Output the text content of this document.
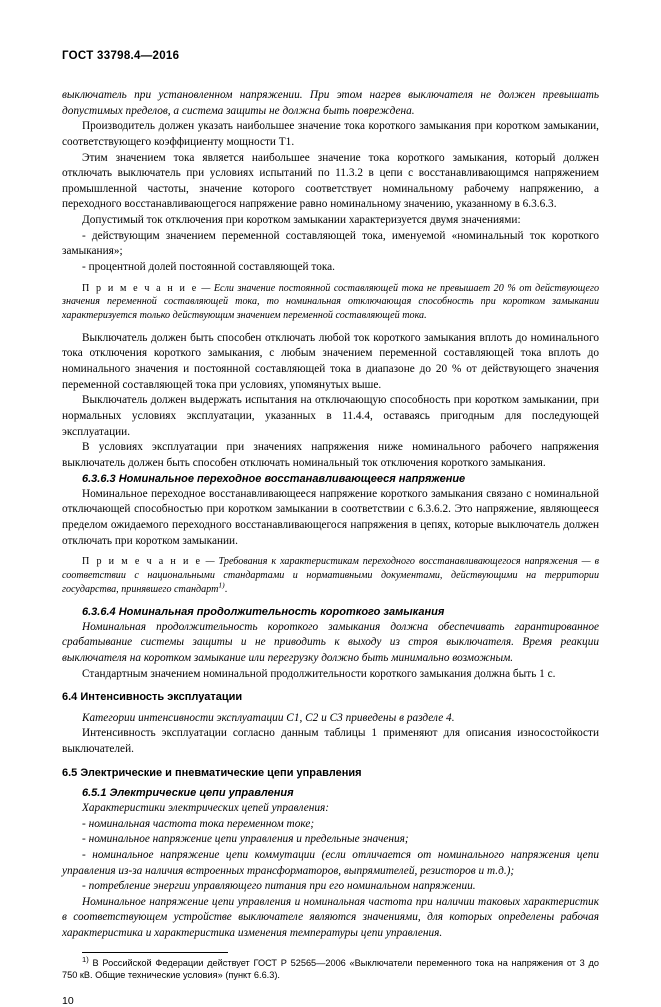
ГОСТ 33798.4—2016

выключатель при установленном напряжении. При этом нагрев выключателя не должен превышать допустимых пределов, а система защиты не должна быть повреждена.

Производитель должен указать наибольшее значение тока короткого замыкания при коротком замыкании, соответствующего коэффициенту мощности Т1.

Этим значением тока является наибольшее значение тока короткого замыкания, который должен отключать выключатель при условиях испытаний по 11.3.2 в цепи с восстанавливающимся напряжением промышленной частоты, значение которого соответствует номинальному рабочему напряжению, а переходного восстанавливающегося напряжение равно номинальному значению, указанному в 6.3.6.3.

Допустимый ток отключения при коротком замыкании характеризуется двумя значениями:

- действующим значением переменной составляющей тока, именуемой «номинальный ток короткого замыкания»;

- процентной долей постоянной составляющей тока.

П р и м е ч а н и е — Если значение постоянной составляющей тока не превышает 20 % от действующего значения переменной составляющей тока, то номинальная отключающая способность при коротком замыкании характеризуется только действующим значением переменной составляющей тока.

Выключатель должен быть способен отключать любой ток короткого замыкания вплоть до номинального тока отключения короткого замыкания, с любым значением переменной составляющей тока вплоть до номинального значения и постоянной составляющей тока в диапазоне до 20 % от действующего значения переменной составляющей тока при условиях, упомянутых выше.

Выключатель должен выдержать испытания на отключающую способность при коротком замыкании, при нормальных условиях эксплуатации, указанных в 11.4.4, оставаясь пригодным для последующей эксплуатации.

В условиях эксплуатации при значениях напряжения ниже номинального рабочего напряжения выключатель должен быть способен отключать номинальный ток отключения короткого замыкания.

6.3.6.3 Номинальное переходное восстанавливающееся напряжение

Номинальное переходное восстанавливающееся напряжение короткого замыкания связано с номинальной отключающей способностью при коротком замыкании в соответствии с 6.3.6.2. Это напряжение, являющееся пределом ожидаемого переходного восстанавливающегося напряжения в цепях, которые выключатель должен отключать при коротком замыкании.

П р и м е ч а н и е — Требования к характеристикам переходного восстанавливающегося напряжения — в соответствии с национальными стандартами и нормативными документами, действующими на территории государства, принявшего стандарт$^{1)}$.

6.3.6.4 Номинальная продолжительность короткого замыкания

Номинальная продолжительность короткого замыкания должна обеспечивать гарантированное срабатывание системы защиты и не приводить к выходу из строя выключателя. Время реакции выключателя на коротком замыкание или перегрузку должно быть минимально возможным.

Стандартным значением номинальной продолжительности короткого замыкания должна быть 1 с.

6.4 Интенсивность эксплуатации

Категории интенсивности эксплуатации С1, С2 и С3 приведены в разделе 4.

Интенсивность эксплуатации согласно данным таблицы 1 применяют для описания износостойкости выключателей.

6.5 Электрические и пневматические цепи управления

6.5.1 Электрические цепи управления

Характеристики электрических цепей управления:

- номинальная частота тока переменном токе;

- номинальное напряжение цепи управления и предельные значения;

- номинальное напряжение цепи коммутации (если отличается от номинального напряжения цепи управления из-за наличия встроенных трансформаторов, выпрямителей, резисторов и т.д.);

- потребление энергии управляющего питания при его номинальном напряжении.

Номинальное напряжение цепи управления и номинальная частота при наличии таковых характеристик в соответствующем устройстве выключателе являются значениями, для которых определены рабочая характеристика и характеристика изменения температуры цепи управления.

$^{1)}$ В Российской Федерации действует ГОСТ Р 52565—2006 «Выключатели переменного тока на напряжения от 3 до 750 кВ. Общие технические условия» (пункт 6.6.3).
10
